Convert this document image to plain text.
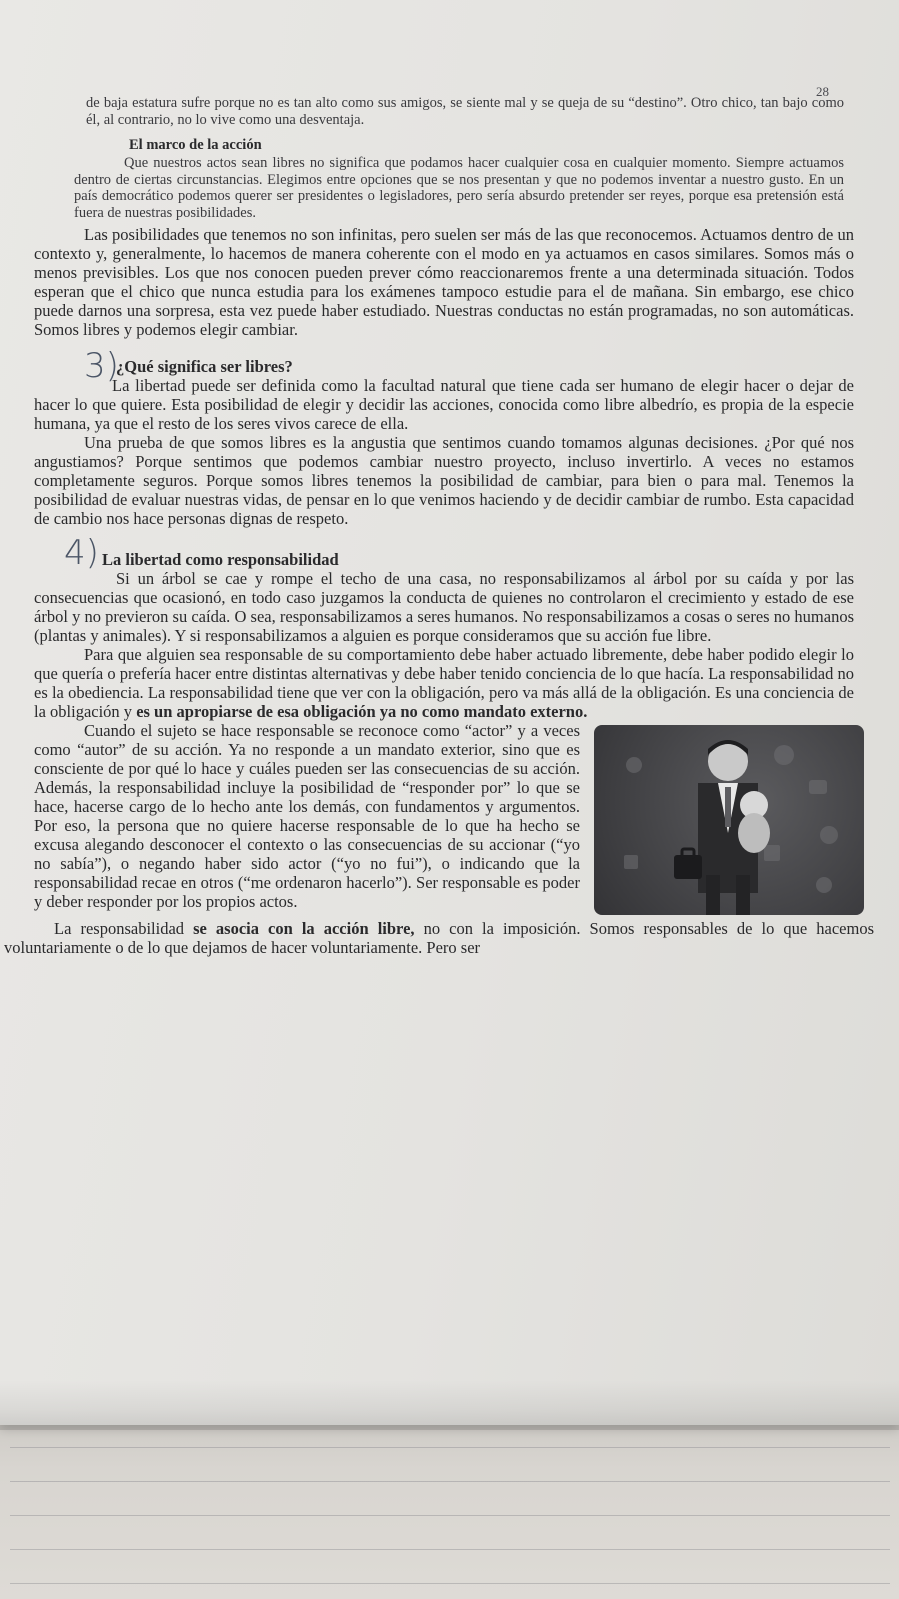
28

de baja estatura sufre porque no es tan alto como sus amigos, se siente mal y se queja de su “destino”. Otro chico, tan bajo como él, al contrario, no lo vive como una desventaja.

El marco de la acción

Que nuestros actos sean libres no significa que podamos hacer cualquier cosa en cualquier momento. Siempre actuamos dentro de ciertas circunstancias. Elegimos entre opciones que se nos presentan y que no podemos inventar a nuestro gusto. En un país democrático podemos querer ser presidentes o legisladores, pero sería absurdo pretender ser reyes, porque esa pretensión está fuera de nuestras posibilidades.

Las posibilidades que tenemos no son infinitas, pero suelen ser más de las que reconocemos. Actuamos dentro de un contexto y, generalmente, lo hacemos de manera coherente con el modo en ya actuamos en casos similares. Somos más o menos previsibles. Los que nos conocen pueden prever cómo reaccionaremos frente a una determinada situación. Todos esperan que el chico que nunca estudia para los exámenes tampoco estudie para el de mañana. Sin embargo, ese chico puede darnos una sorpresa, esta vez puede haber estudiado. Nuestras conductas no están programadas, no son automáticas. Somos libres y podemos elegir cambiar.

3)

¿Qué significa ser libres?

La libertad puede ser definida como la facultad natural que tiene cada ser humano de elegir hacer o dejar de hacer lo que quiere. Esta posibilidad de elegir y decidir las acciones, conocida como libre albedrío, es propia de la especie humana, ya que el resto de los seres vivos carece de ella.

Una prueba de que somos libres es la angustia que sentimos cuando tomamos algunas decisiones. ¿Por qué nos angustiamos? Porque sentimos que podemos cambiar nuestro proyecto, incluso invertirlo. A veces no estamos completamente seguros. Porque somos libres tenemos la posibilidad de cambiar, para bien o para mal. Tenemos la posibilidad de evaluar nuestras vidas, de pensar en lo que venimos haciendo y de decidir cambiar de rumbo. Esta capacidad de cambio nos hace personas dignas de respeto.

4) La libertad como responsabilidad

Si un árbol se cae y rompe el techo de una casa, no responsabilizamos al árbol por su caída y por las consecuencias que ocasionó, en todo caso juzgamos la conducta de quienes no controlaron el crecimiento y estado de ese árbol y no previeron su caída. O sea, responsabilizamos a seres humanos. No responsabilizamos a cosas o seres no humanos (plantas y animales). Y si responsabilizamos a alguien es porque consideramos que su acción fue libre.

Para que alguien sea responsable de su comportamiento debe haber actuado libremente, debe haber podido elegir lo que quería o prefería hacer entre distintas alternativas y debe haber tenido conciencia de lo que hacía. La responsabilidad no es la obediencia. La responsabilidad tiene que ver con la obligación, pero va más allá de la obligación. Es una conciencia de la obligación y es un apropiarse de esa obligación ya no como mandato externo.

Cuando el sujeto se hace responsable se reconoce como “actor” y a veces como “autor” de su acción. Ya no responde a un mandato exterior, sino que es consciente de por qué lo hace y cuáles pueden ser las consecuencias de su acción. Además, la responsabilidad incluye la posibilidad de “responder por” lo que se hace, hacerse cargo de lo hecho ante los demás, con fundamentos y argumentos. Por eso, la persona que no quiere hacerse responsable de lo que ha hecho se excusa alegando desconocer el contexto o las consecuencias de su accionar (“yo no sabía”), o negando haber sido actor (“yo no fui”), o indicando que la responsabilidad recae en otros (“me ordenaron hacerlo”). Ser responsable es poder y deber responder por los propios actos.

La responsabilidad se asocia con la acción libre, no con la imposición. Somos responsables de lo que hacemos voluntariamente o de lo que dejamos de hacer voluntariamente. Pero ser
